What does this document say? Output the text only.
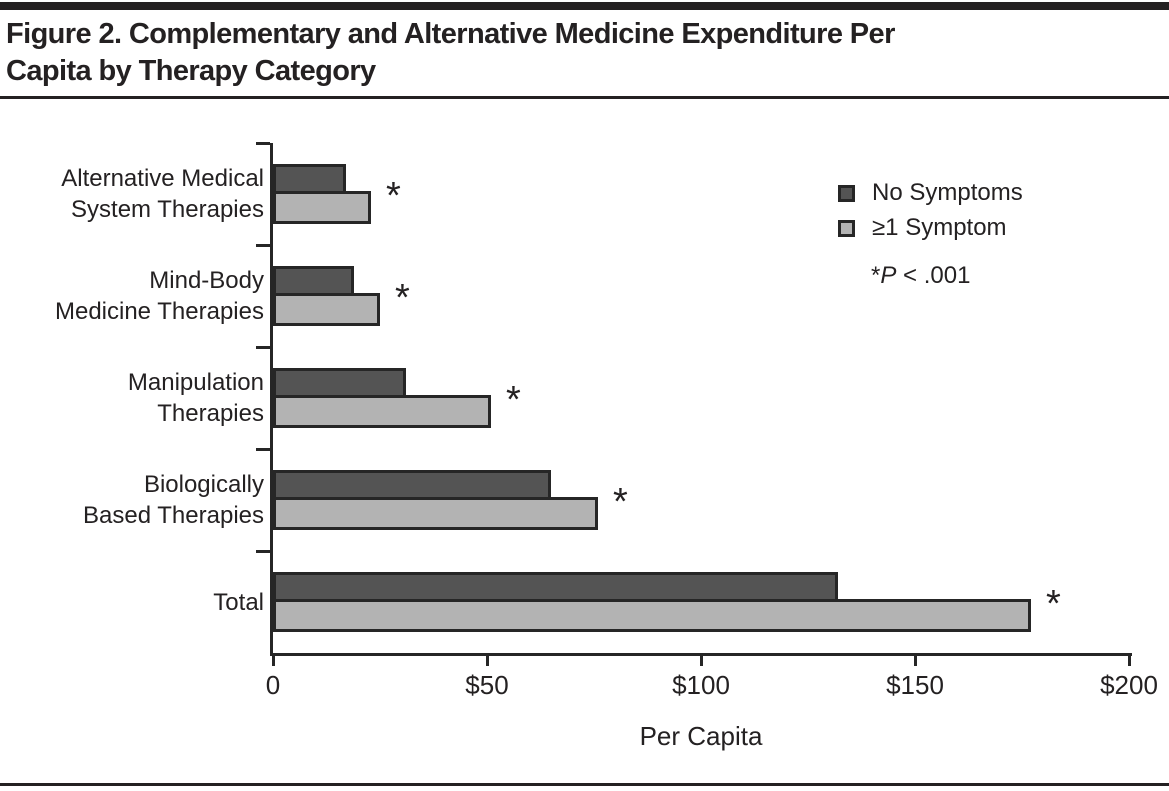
Figure 2. Complementary and Alternative Medicine Expenditure Per
Capita by Therapy Category
0	$50	$100	$150	$200
Alternative Medical
System Therapies	*
Mind-Body
Medicine Therapies	*
Manipulation
Therapies	*
Biologically
Based Therapies	*
Total	*
No Symptoms
≥1 Symptom
*P < .001
Per Capita
